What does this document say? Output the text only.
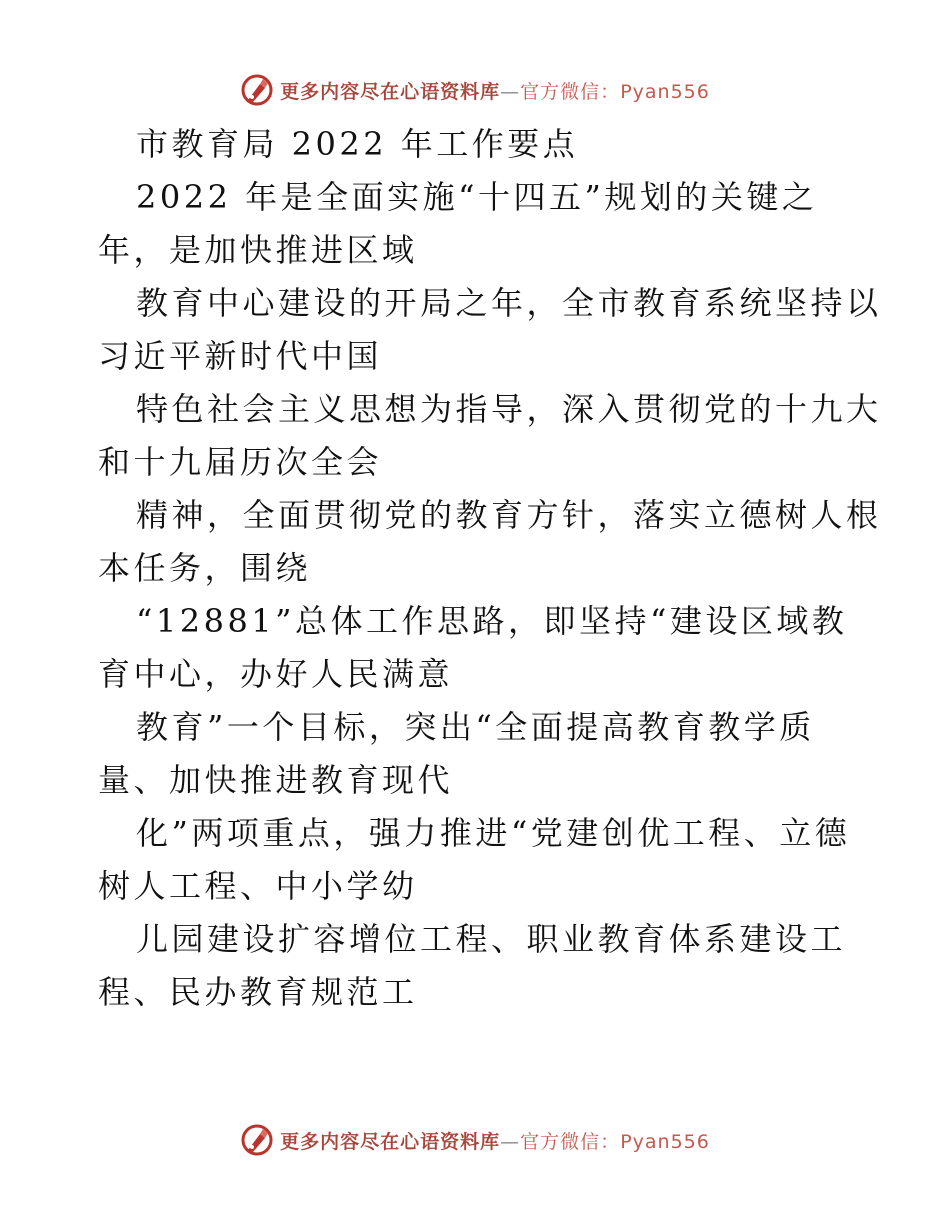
更多内容尽在心语资料库—官方微信：Pyan556
市教育局 2022 年工作要点
2022 年是全面实施“十四五”规划的关键之
年，是加快推进区域
教育中心建设的开局之年，全市教育系统坚持以
习近平新时代中国
特色社会主义思想为指导，深入贯彻党的十九大
和十九届历次全会
精神，全面贯彻党的教育方针，落实立德树人根
本任务，围绕
“12881”总体工作思路，即坚持“建设区域教
育中心，办好人民满意
教育”一个目标，突出“全面提高教育教学质
量、加快推进教育现代
化”两项重点，强力推进“党建创优工程、立德
树人工程、中小学幼
儿园建设扩容增位工程、职业教育体系建设工
程、民办教育规范工
更多内容尽在心语资料库—官方微信：Pyan556
